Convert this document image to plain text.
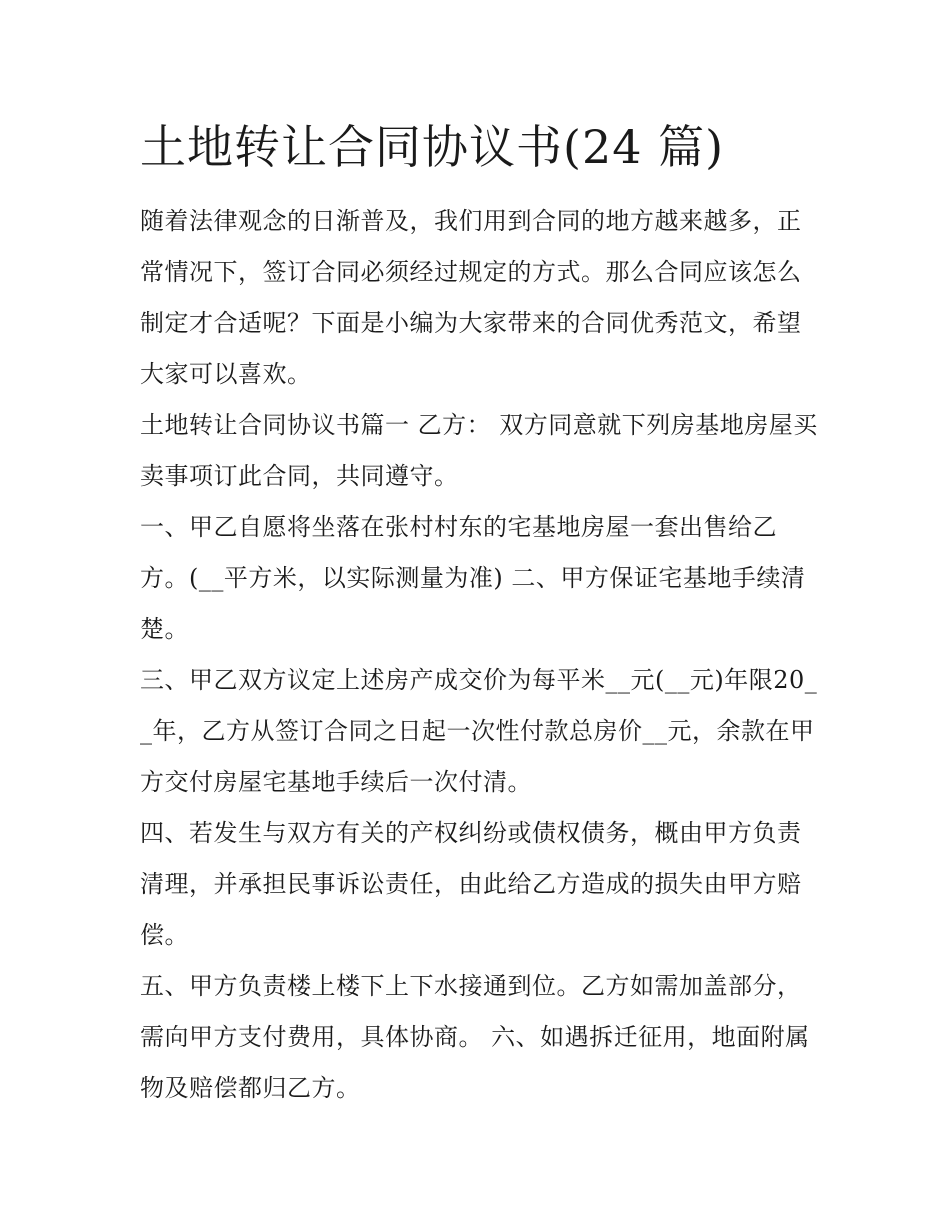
土地转让合同协议书(24 篇)

随着法律观念的日渐普及，我们用到合同的地方越来越多，正常情况下，签订合同必须经过规定的方式。那么合同应该怎么制定才合适呢？下面是小编为大家带来的合同优秀范文，希望大家可以喜欢。

土地转让合同协议书篇一 乙方： 双方同意就下列房基地房屋买卖事项订此合同，共同遵守。

一、甲乙自愿将坐落在张村村东的宅基地房屋一套出售给乙方。(__平方米，以实际测量为准) 二、甲方保证宅基地手续清楚。

三、甲乙双方议定上述房产成交价为每平米__元(__元)年限20__年，乙方从签订合同之日起一次性付款总房价__元，余款在甲方交付房屋宅基地手续后一次付清。

四、若发生与双方有关的产权纠纷或债权债务，概由甲方负责清理，并承担民事诉讼责任，由此给乙方造成的损失由甲方赔偿。

五、甲方负责楼上楼下上下水接通到位。乙方如需加盖部分，需向甲方支付费用，具体协商。 六、如遇拆迁征用，地面附属物及赔偿都归乙方。
